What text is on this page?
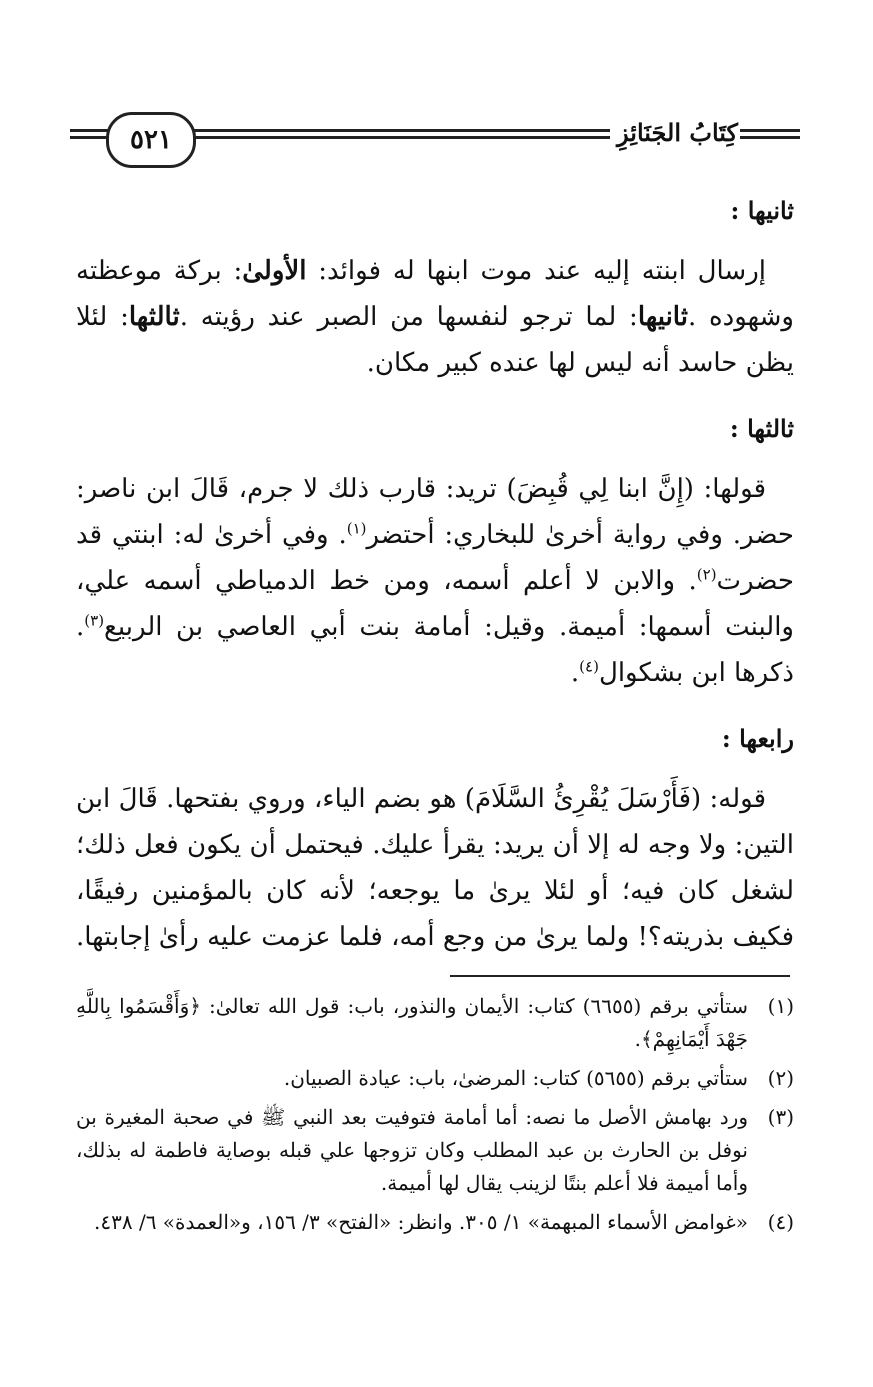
٥٢١	كِتَابُ الجَنَائِزِ
ثانيها :

إرسال ابنته إليه عند موت ابنها له فوائد: الأولىٰ: بركة موعظته وشهوده .ثانيها: لما ترجو لنفسها من الصبر عند رؤيته .ثالثها: لئلا يظن حاسد أنه ليس لها عنده كبير مكان.

ثالثها :

قولها: (إِنَّ ابنا لِي قُبِضَ) تريد: قارب ذلك لا جرم، قَالَ ابن ناصر: حضر. وفي رواية أخرىٰ للبخاري: أحتضر$^{(١)}$. وفي أخرىٰ له: ابنتي قد حضرت$^{(٢)}$. والابن لا أعلم أسمه، ومن خط الدمياطي أسمه علي، والبنت أسمها: أميمة. وقيل: أمامة بنت أبي العاصي بن الربيع$^{(٣)}$. ذكرها ابن بشكوال$^{(٤)}$.

رابعها :

قوله: (فَأَرْسَلَ يُقْرِئُ السَّلَامَ) هو بضم الياء، وروي بفتحها. قَالَ ابن التين: ولا وجه له إلا أن يريد: يقرأ عليك. فيحتمل أن يكون فعل ذلك؛ لشغل كان فيه؛ أو لئلا يرىٰ ما يوجعه؛ لأنه كان بالمؤمنين رفيقًا، فكيف بذريته؟! ولما يرىٰ من وجع أمه، فلما عزمت عليه رأىٰ إجابتها.

(١)
ستأتي برقم (٦٦٥٥) كتاب: الأيمان والنذور، باب: قول الله تعالىٰ: ﴿وَأَقْسَمُوا بِاللَّهِ جَهْدَ أَيْمَانِهِمْ﴾.
(٢)
ستأتي برقم (٥٦٥٥) كتاب: المرضىٰ، باب: عيادة الصبيان.
(٣)
ورد بهامش الأصل ما نصه: أما أمامة فتوفيت بعد النبي ﷺ في صحبة المغيرة بن نوفل بن الحارث بن عبد المطلب وكان تزوجها علي قبله بوصاية فاطمة له بذلك، وأما أميمة فلا أعلم بنتًا لزينب يقال لها أميمة.
(٤)
«غوامض الأسماء المبهمة» ١/ ٣٠٥. وانظر: «الفتح» ٣/ ١٥٦، و«العمدة» ٦/ ٤٣٨.
